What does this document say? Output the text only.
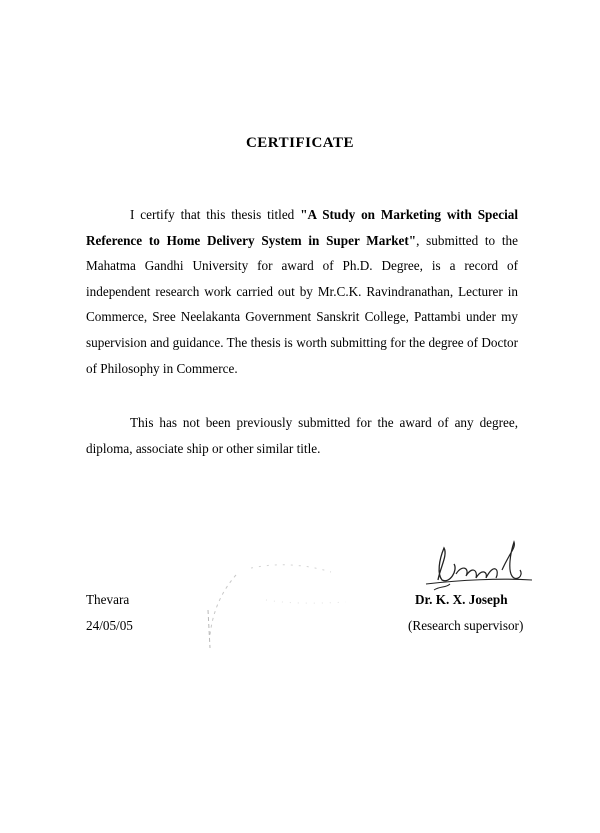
CERTIFICATE

I certify that this thesis titled "A Study on Marketing with Special Reference to Home Delivery System in Super Market", submitted to the Mahatma Gandhi University for award of Ph.D. Degree, is a record of independent research work carried out by Mr.C.K. Ravindranathan, Lecturer in Commerce, Sree Neelakanta Government Sanskrit College, Pattambi under my supervision and guidance. The thesis is worth submitting for the degree of Doctor of Philosophy in Commerce.

This has not been previously submitted for the award of any degree, diploma, associate ship or other similar title.

Thevara
24/05/05
Dr. K. X. Joseph
(Research supervisor)
